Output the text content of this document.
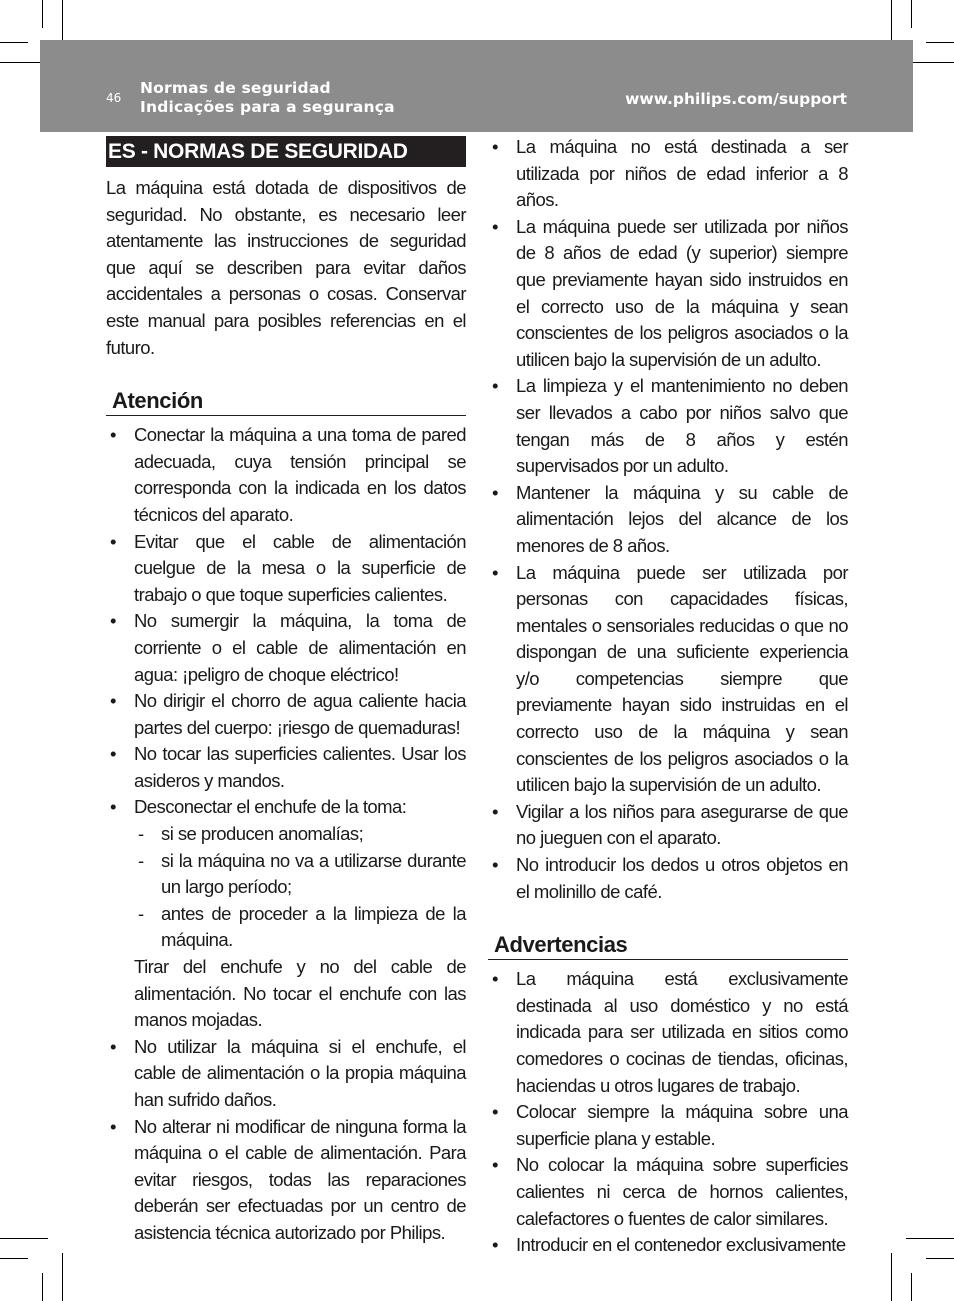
46
Normas de seguridad
Indicações para a segurança	www.philips.com/support
ES - NORMAS DE SEGURIDAD

La máquina está dotada de dispositivos de seguridad. No obstante, es necesario leer atentamente las instrucciones de seguridad que aquí se describen para evitar daños accidentales a personas o cosas. Conservar este manual para posibles referencias en el futuro.

Atención
• Conectar la máquina a una toma de pared adecuada, cuya tensión principal se corresponda con la indicada en los datos técnicos del aparato.
• Evitar que el cable de alimentación cuelgue de la mesa o la superficie de trabajo o que toque superficies calientes.
• No sumergir la máquina, la toma de corriente o el cable de alimentación en agua: ¡peligro de choque eléctrico!
• No dirigir el chorro de agua caliente hacia partes del cuerpo: ¡riesgo de quemaduras!
• No tocar las superficies calientes. Usar los asideros y mandos.
• Desconectar el enchufe de la toma:
- si se producen anomalías;
- si la máquina no va a utilizarse durante un largo período;
- antes de proceder a la limpieza de la máquina.
Tirar del enchufe y no del cable de alimentación. No tocar el enchufe con las manos mojadas.
• No utilizar la máquina si el enchufe, el cable de alimentación o la propia máquina han sufrido daños.
• No alterar ni modificar de ninguna forma la máquina o el cable de alimentación. Para evitar riesgos, todas las reparaciones deberán ser efectuadas por un centro de asistencia técnica autorizado por Philips.
• La máquina no está destinada a ser utilizada por niños de edad inferior a 8 años.
• La máquina puede ser utilizada por niños de 8 años de edad (y superior) siempre que previamente hayan sido instruidos en el correcto uso de la máquina y sean conscientes de los peligros asociados o la utilicen bajo la supervisión de un adulto.
• La limpieza y el mantenimiento no deben ser llevados a cabo por niños salvo que tengan más de 8 años y estén supervisados por un adulto.
• Mantener la máquina y su cable de alimentación lejos del alcance de los menores de 8 años.
• La máquina puede ser utilizada por personas con capacidades físicas, mentales o sensoriales reducidas o que no dispongan de una suficiente experiencia y/o competencias siempre que previamente hayan sido instruidas en el correcto uso de la máquina y sean conscientes de los peligros asociados o la utilicen bajo la supervisión de un adulto.
• Vigilar a los niños para asegurarse de que no jueguen con el aparato.
• No introducir los dedos u otros objetos en el molinillo de café.
Advertencias
• La máquina está exclusivamente destinada al uso doméstico y no está indicada para ser utilizada en sitios como comedores o cocinas de tiendas, oficinas, haciendas u otros lugares de trabajo.
• Colocar siempre la máquina sobre una superficie plana y estable.
• No colocar la máquina sobre superficies calientes ni cerca de hornos calientes, calefactores o fuentes de calor similares.
• Introducir en el contenedor exclusivamente
